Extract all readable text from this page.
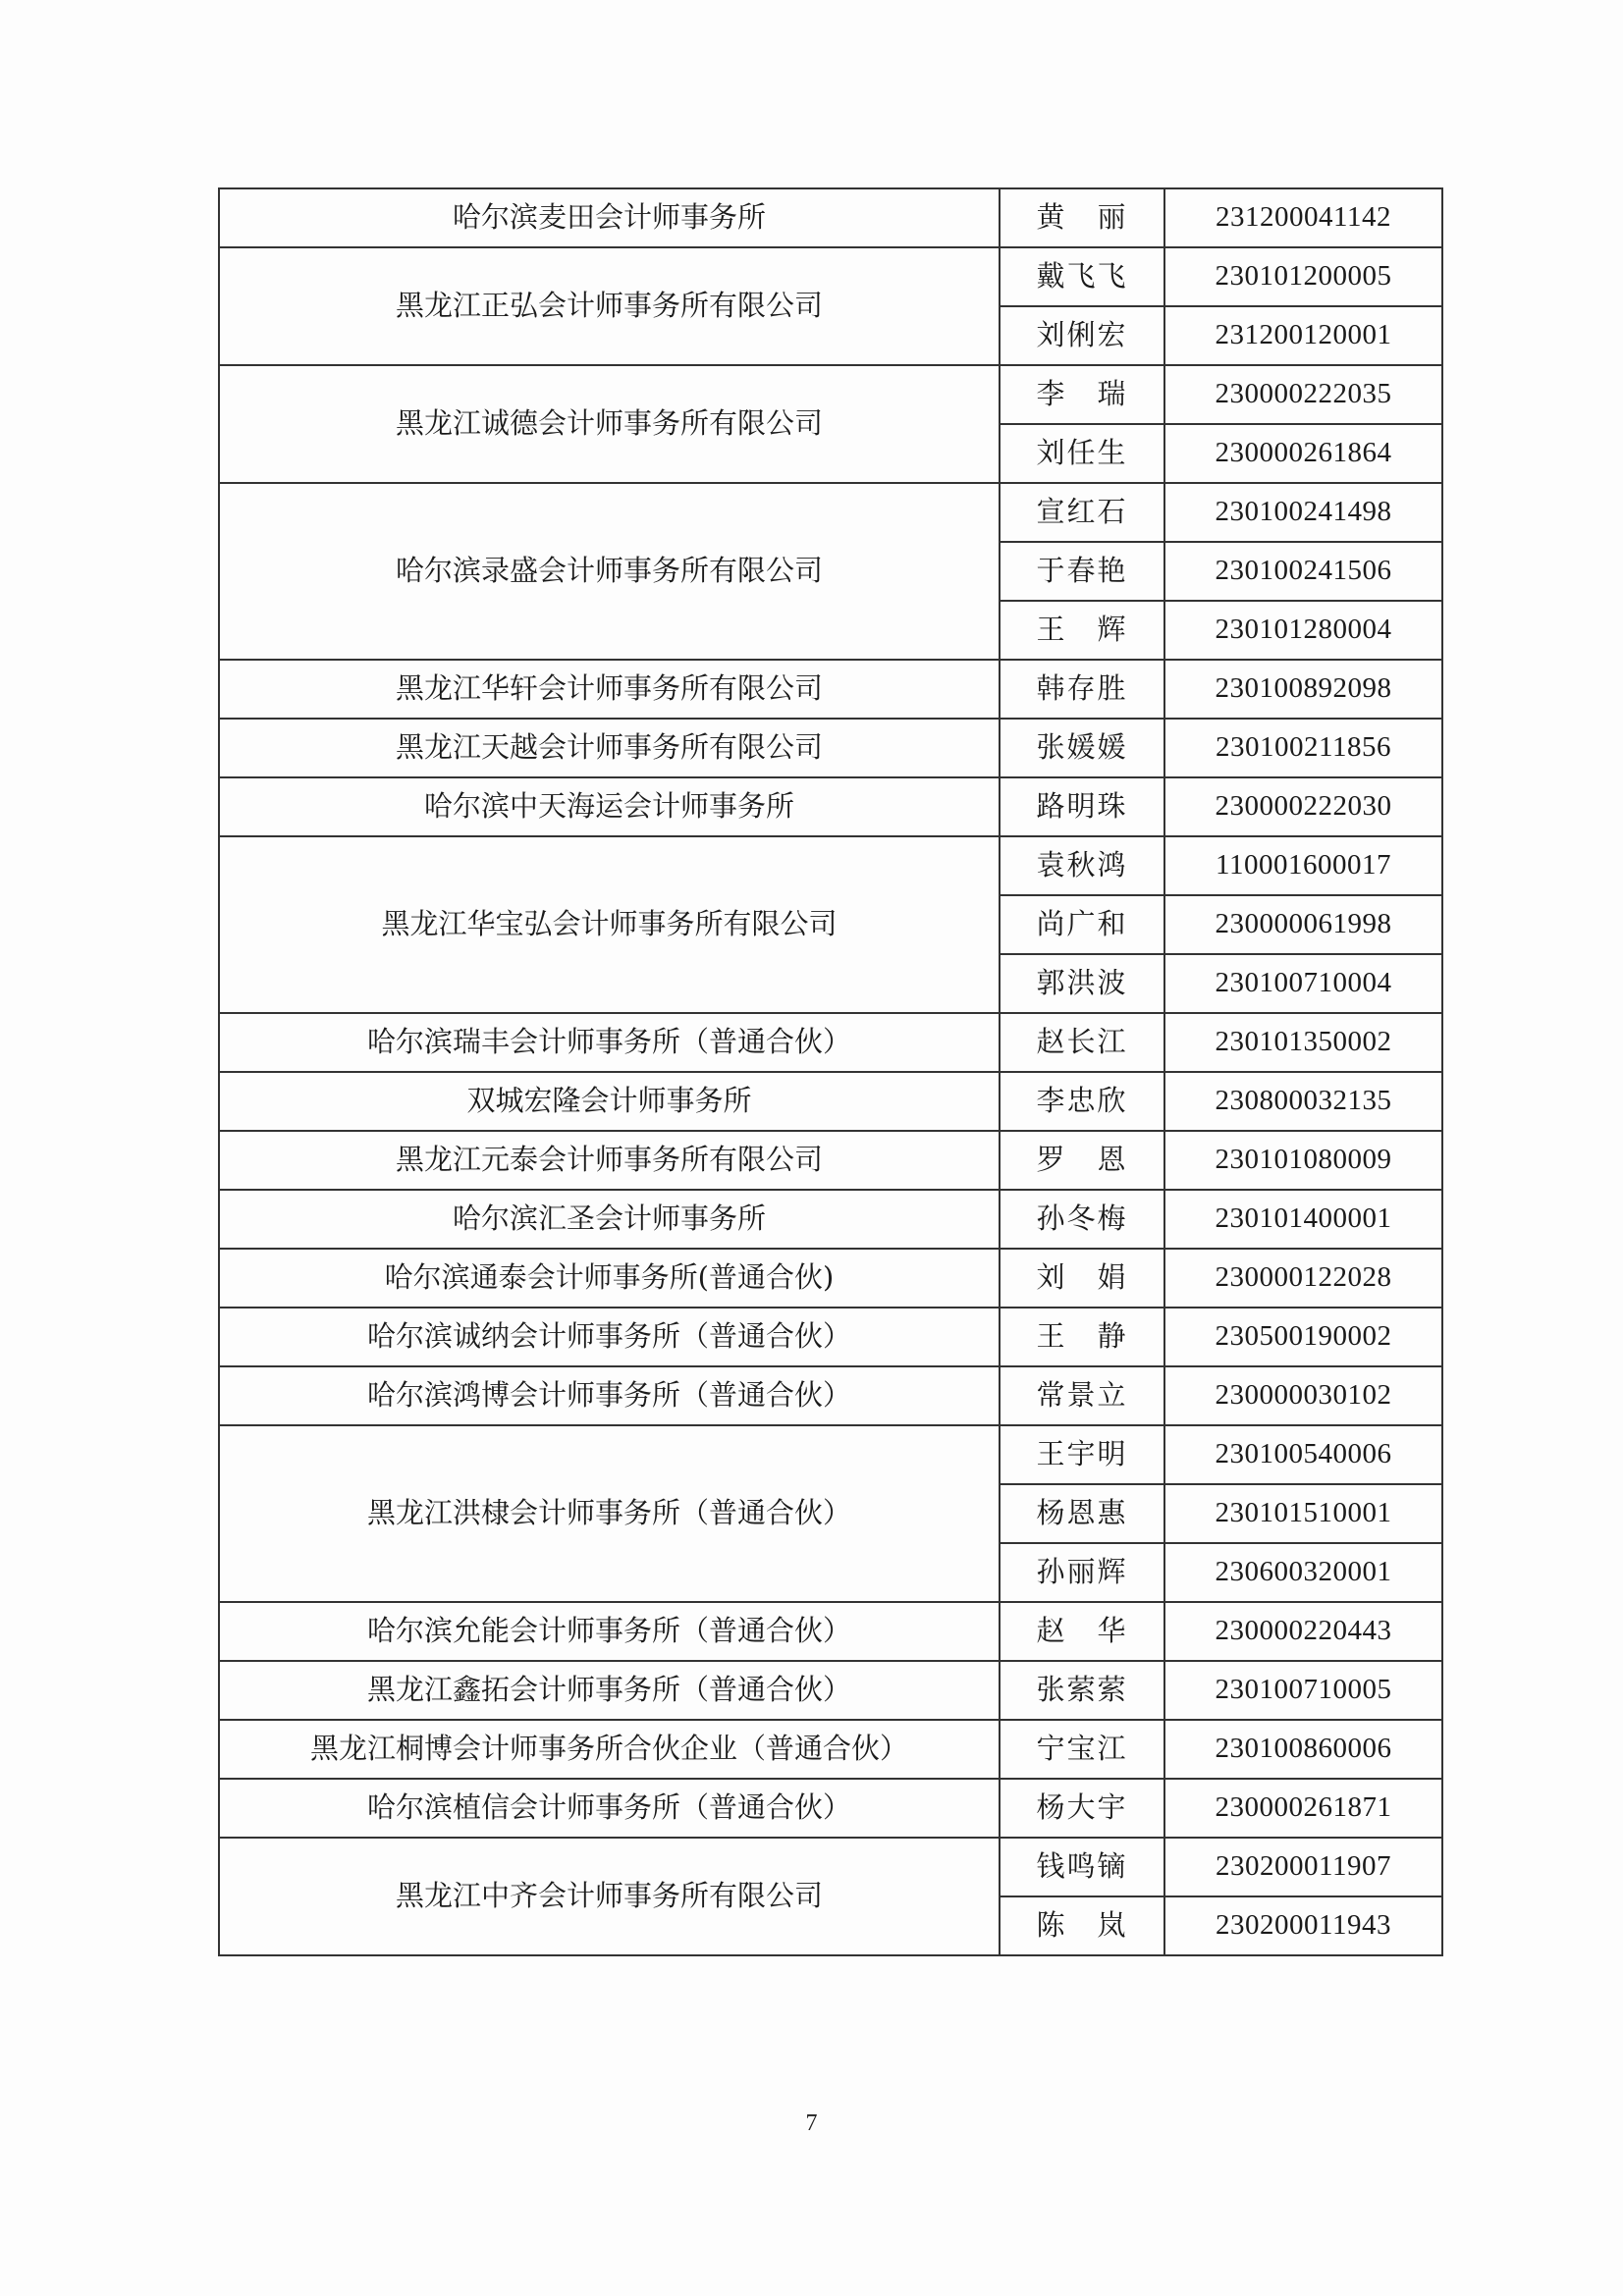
哈尔滨麦田会计师事务所	黄　丽	231200041142
黑龙江正弘会计师事务所有限公司	戴飞飞	230101200005
	刘俐宏	231200120001
黑龙江诚德会计师事务所有限公司	李　瑞	230000222035
	刘任生	230000261864
哈尔滨录盛会计师事务所有限公司	宣红石	230100241498
	于春艳	230100241506
	王　辉	230101280004
黑龙江华轩会计师事务所有限公司	韩存胜	230100892098
黑龙江天越会计师事务所有限公司	张媛媛	230100211856
哈尔滨中天海运会计师事务所	路明珠	230000222030
黑龙江华宝弘会计师事务所有限公司	袁秋鸿	110001600017
	尚广和	230000061998
	郭洪波	230100710004
哈尔滨瑞丰会计师事务所（普通合伙）	赵长江	230101350002
双城宏隆会计师事务所	李忠欣	230800032135
黑龙江元泰会计师事务所有限公司	罗　恩	230101080009
哈尔滨汇圣会计师事务所	孙冬梅	230101400001
哈尔滨通泰会计师事务所(普通合伙)	刘　娟	230000122028
哈尔滨诚纳会计师事务所（普通合伙）	王　静	230500190002
哈尔滨鸿博会计师事务所（普通合伙）	常景立	230000030102
黑龙江洪棣会计师事务所（普通合伙）	王宇明	230100540006
	杨恩惠	230101510001
	孙丽辉	230600320001
哈尔滨允能会计师事务所（普通合伙）	赵　华	230000220443
黑龙江鑫拓会计师事务所（普通合伙）	张萦萦	230100710005
黑龙江桐博会计师事务所合伙企业（普通合伙）	宁宝江	230100860006
哈尔滨植信会计师事务所（普通合伙）	杨大宇	230000261871
黑龙江中齐会计师事务所有限公司	钱鸣镝	230200011907
	陈　岚	230200011943
7
